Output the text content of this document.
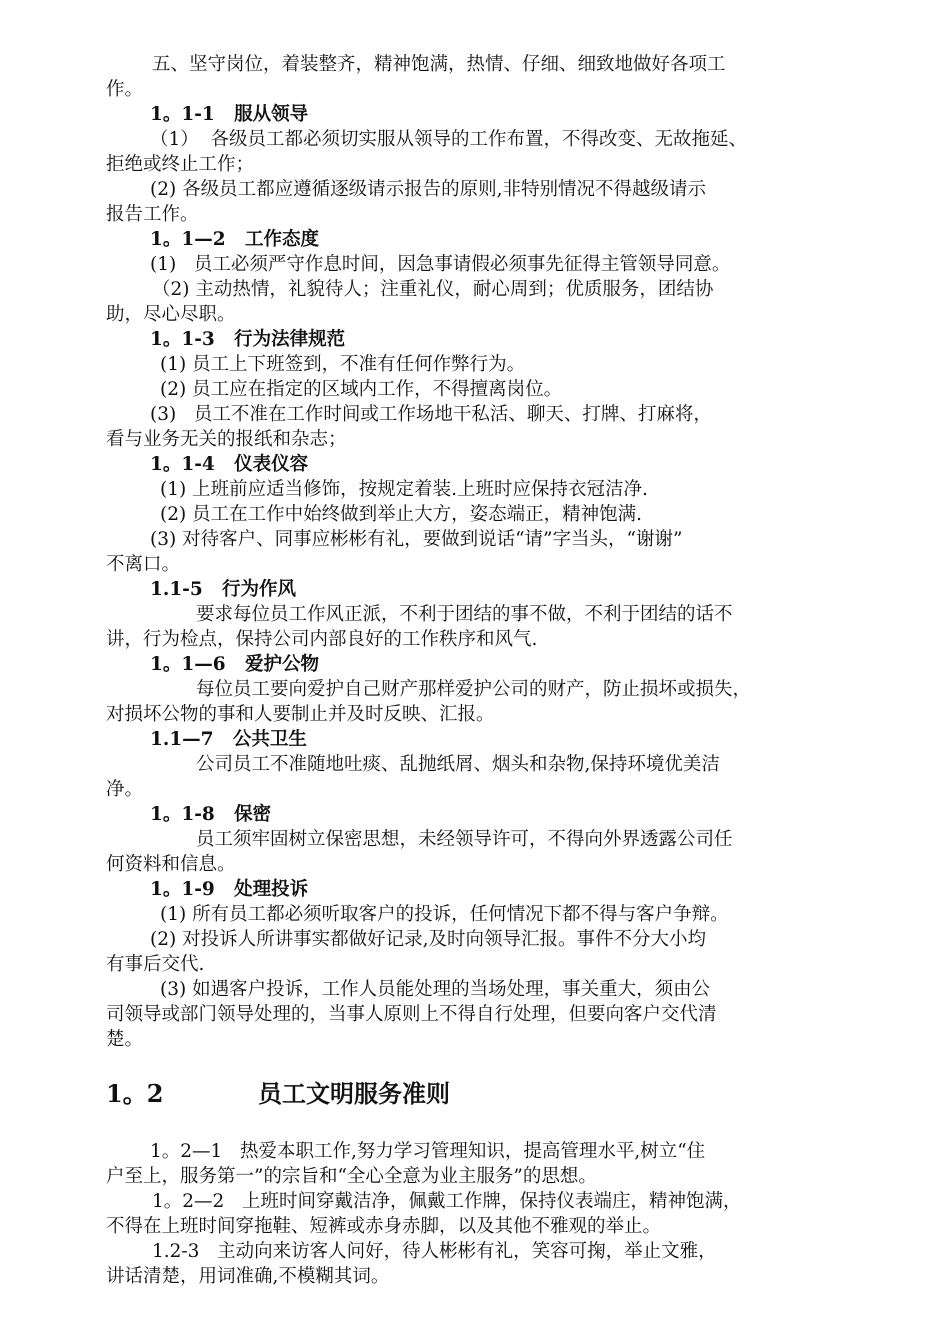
五、坚守岗位，着装整齐，精神饱满，热情、仔细、细致地做好各项工
作。
1。1-1   服从领导
（1）  各级员工都必须切实服从领导的工作布置，不得改变、无故拖延、
拒绝或终止工作；
(2) 各级员工都应遵循逐级请示报告的原则,非特别情况不得越级请示
报告工作。
1。1—2   工作态度
(1)   员工必须严守作息时间，因急事请假必须事先征得主管领导同意。
（2) 主动热情，礼貌待人；注重礼仪，耐心周到；优质服务，团结协
助，尽心尽职。
1。1-3   行为法律规范
(1) 员工上下班签到，不准有任何作弊行为。
(2) 员工应在指定的区域内工作，不得擅离岗位。
(3)   员工不准在工作时间或工作场地干私活、聊天、打牌、打麻将，
看与业务无关的报纸和杂志；
1。1-4   仪表仪容
(1) 上班前应适当修饰，按规定着装.上班时应保持衣冠洁净.
(2) 员工在工作中始终做到举止大方，姿态端正，精神饱满.
(3) 对待客户、同事应彬彬有礼，要做到说话“请”字当头，“谢谢”
不离口。
1.1-5   行为作风
要求每位员工作风正派，不利于团结的事不做，不利于团结的话不
讲，行为检点，保持公司内部良好的工作秩序和风气.
1。1—6   爱护公物
每位员工要向爱护自己财产那样爱护公司的财产，防止损坏或损失，
对损坏公物的事和人要制止并及时反映、汇报。
1.1—7   公共卫生
公司员工不准随地吐痰、乱抛纸屑、烟头和杂物,保持环境优美洁
净。
1。1-8   保密
员工须牢固树立保密思想，未经领导许可，不得向外界透露公司任
何资料和信息。
1。1-9   处理投诉
(1) 所有员工都必须听取客户的投诉，任何情况下都不得与客户争辩。
(2) 对投诉人所讲事实都做好记录,及时向领导汇报。事件不分大小均
有事后交代.
(3) 如遇客户投诉，工作人员能处理的当场处理，事关重大，须由公
司领导或部门领导处理的，当事人原则上不得自行处理，但要向客户交代清
楚。
1。2	员工文明服务准则
1。2—1   热爱本职工作,努力学习管理知识，提高管理水平,树立“住
户至上，服务第一”的宗旨和“全心全意为业主服务”的思想。
1。2—2   上班时间穿戴洁净，佩戴工作牌，保持仪表端庄，精神饱满，
不得在上班时间穿拖鞋、短裤或赤身赤脚，以及其他不雅观的举止。
1.2-3   主动向来访客人问好，待人彬彬有礼，笑容可掬，举止文雅，
讲话清楚，用词准确,不模糊其词。
